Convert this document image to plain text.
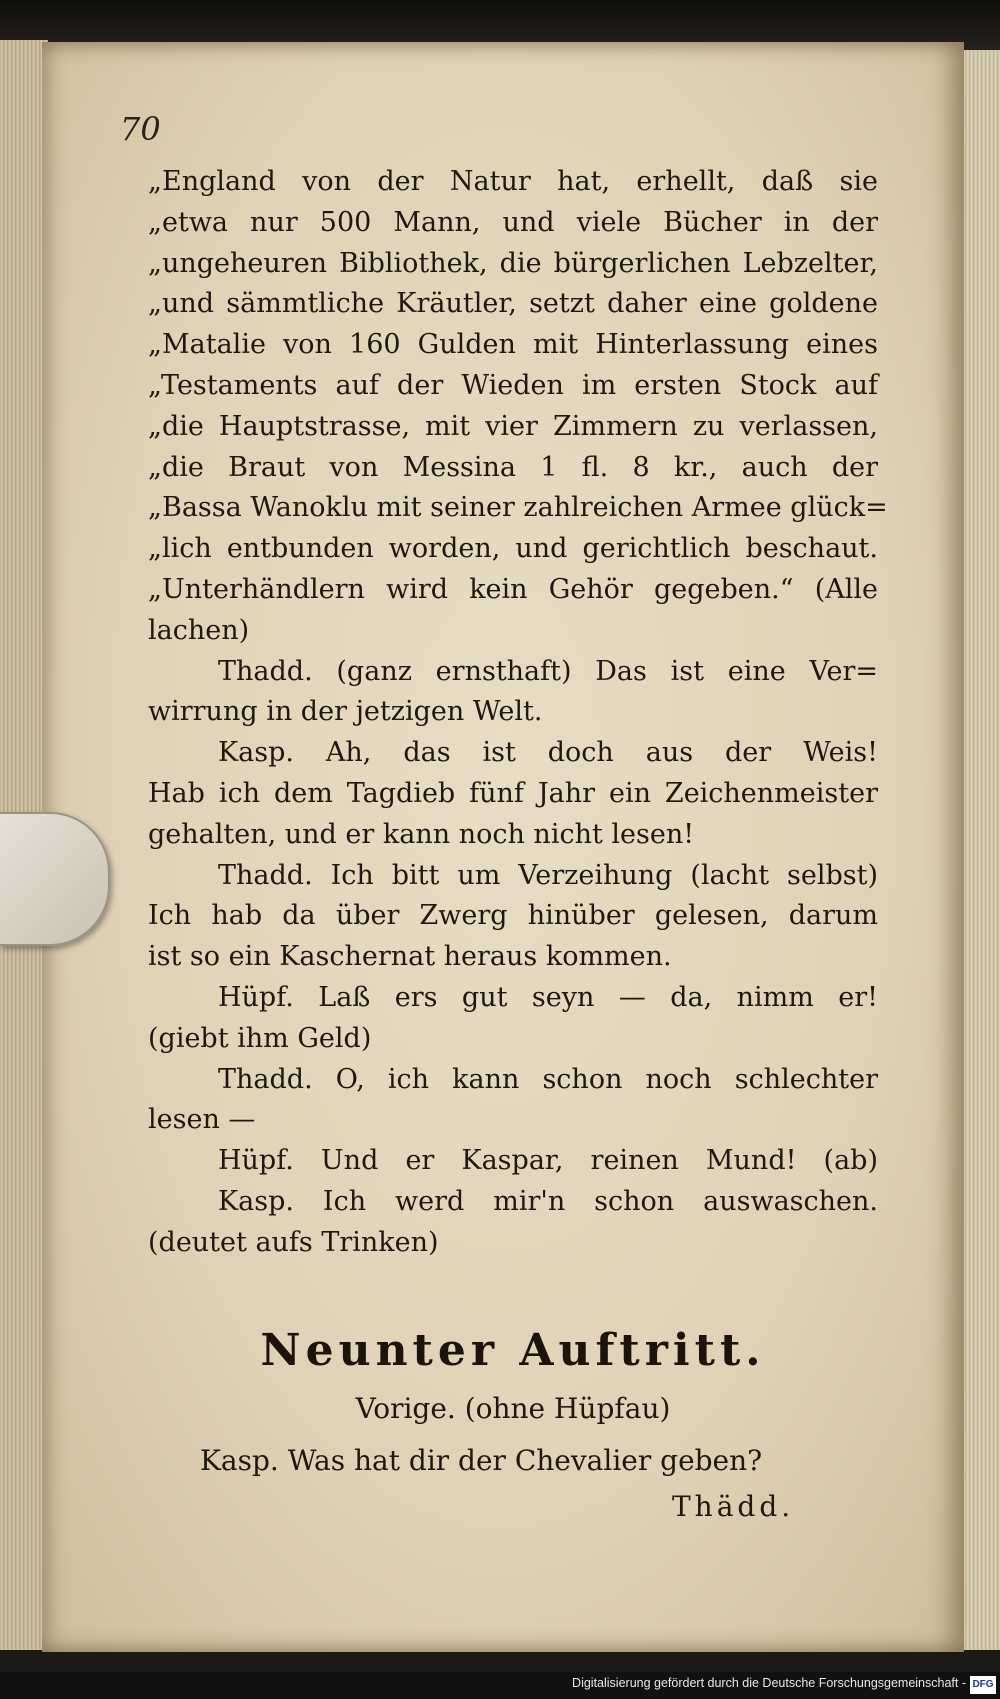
70
„England von der Natur hat, erhellt, daß sie
„etwa nur 500 Mann, und viele Bücher in der
„ungeheuren Bibliothek, die bürgerlichen Lebzelter,
„und sämmtliche Kräutler, setzt daher eine goldene
„Matalie von 160 Gulden mit Hinterlassung eines
„Testaments auf der Wieden im ersten Stock auf
„die Hauptstrasse, mit vier Zimmern zu verlassen,
„die Braut von Messina 1 fl. 8 kr., auch der
„Bassa Wanoklu mit seiner zahlreichen Armee glück=
„lich entbunden worden, und gerichtlich beschaut.
„Unterhändlern wird kein Gehör gegeben.“ (Alle
lachen)
Thadd. (ganz ernsthaft) Das ist eine Ver=
wirrung in der jetzigen Welt.
Kasp. Ah, das ist doch aus der Weis!
Hab ich dem Tagdieb fünf Jahr ein Zeichenmeister
gehalten, und er kann noch nicht lesen!
Thadd. Ich bitt um Verzeihung (lacht selbst)
Ich hab da über Zwerg hinüber gelesen, darum
ist so ein Kaschernat heraus kommen.
Hüpf. Laß ers gut seyn — da, nimm er!
(giebt ihm Geld)
Thadd. O, ich kann schon noch schlechter
lesen —
Hüpf. Und er Kaspar, reinen Mund! (ab)
Kasp. Ich werd mir'n schon auswaschen.
(deutet aufs Trinken)
Neunter Auftritt.
Vorige. (ohne Hüpfau)
Kasp. Was hat dir der Chevalier geben?
Thädd.
Digitalisierung gefördert durch die Deutsche Forschungsgemeinschaft - DFG
